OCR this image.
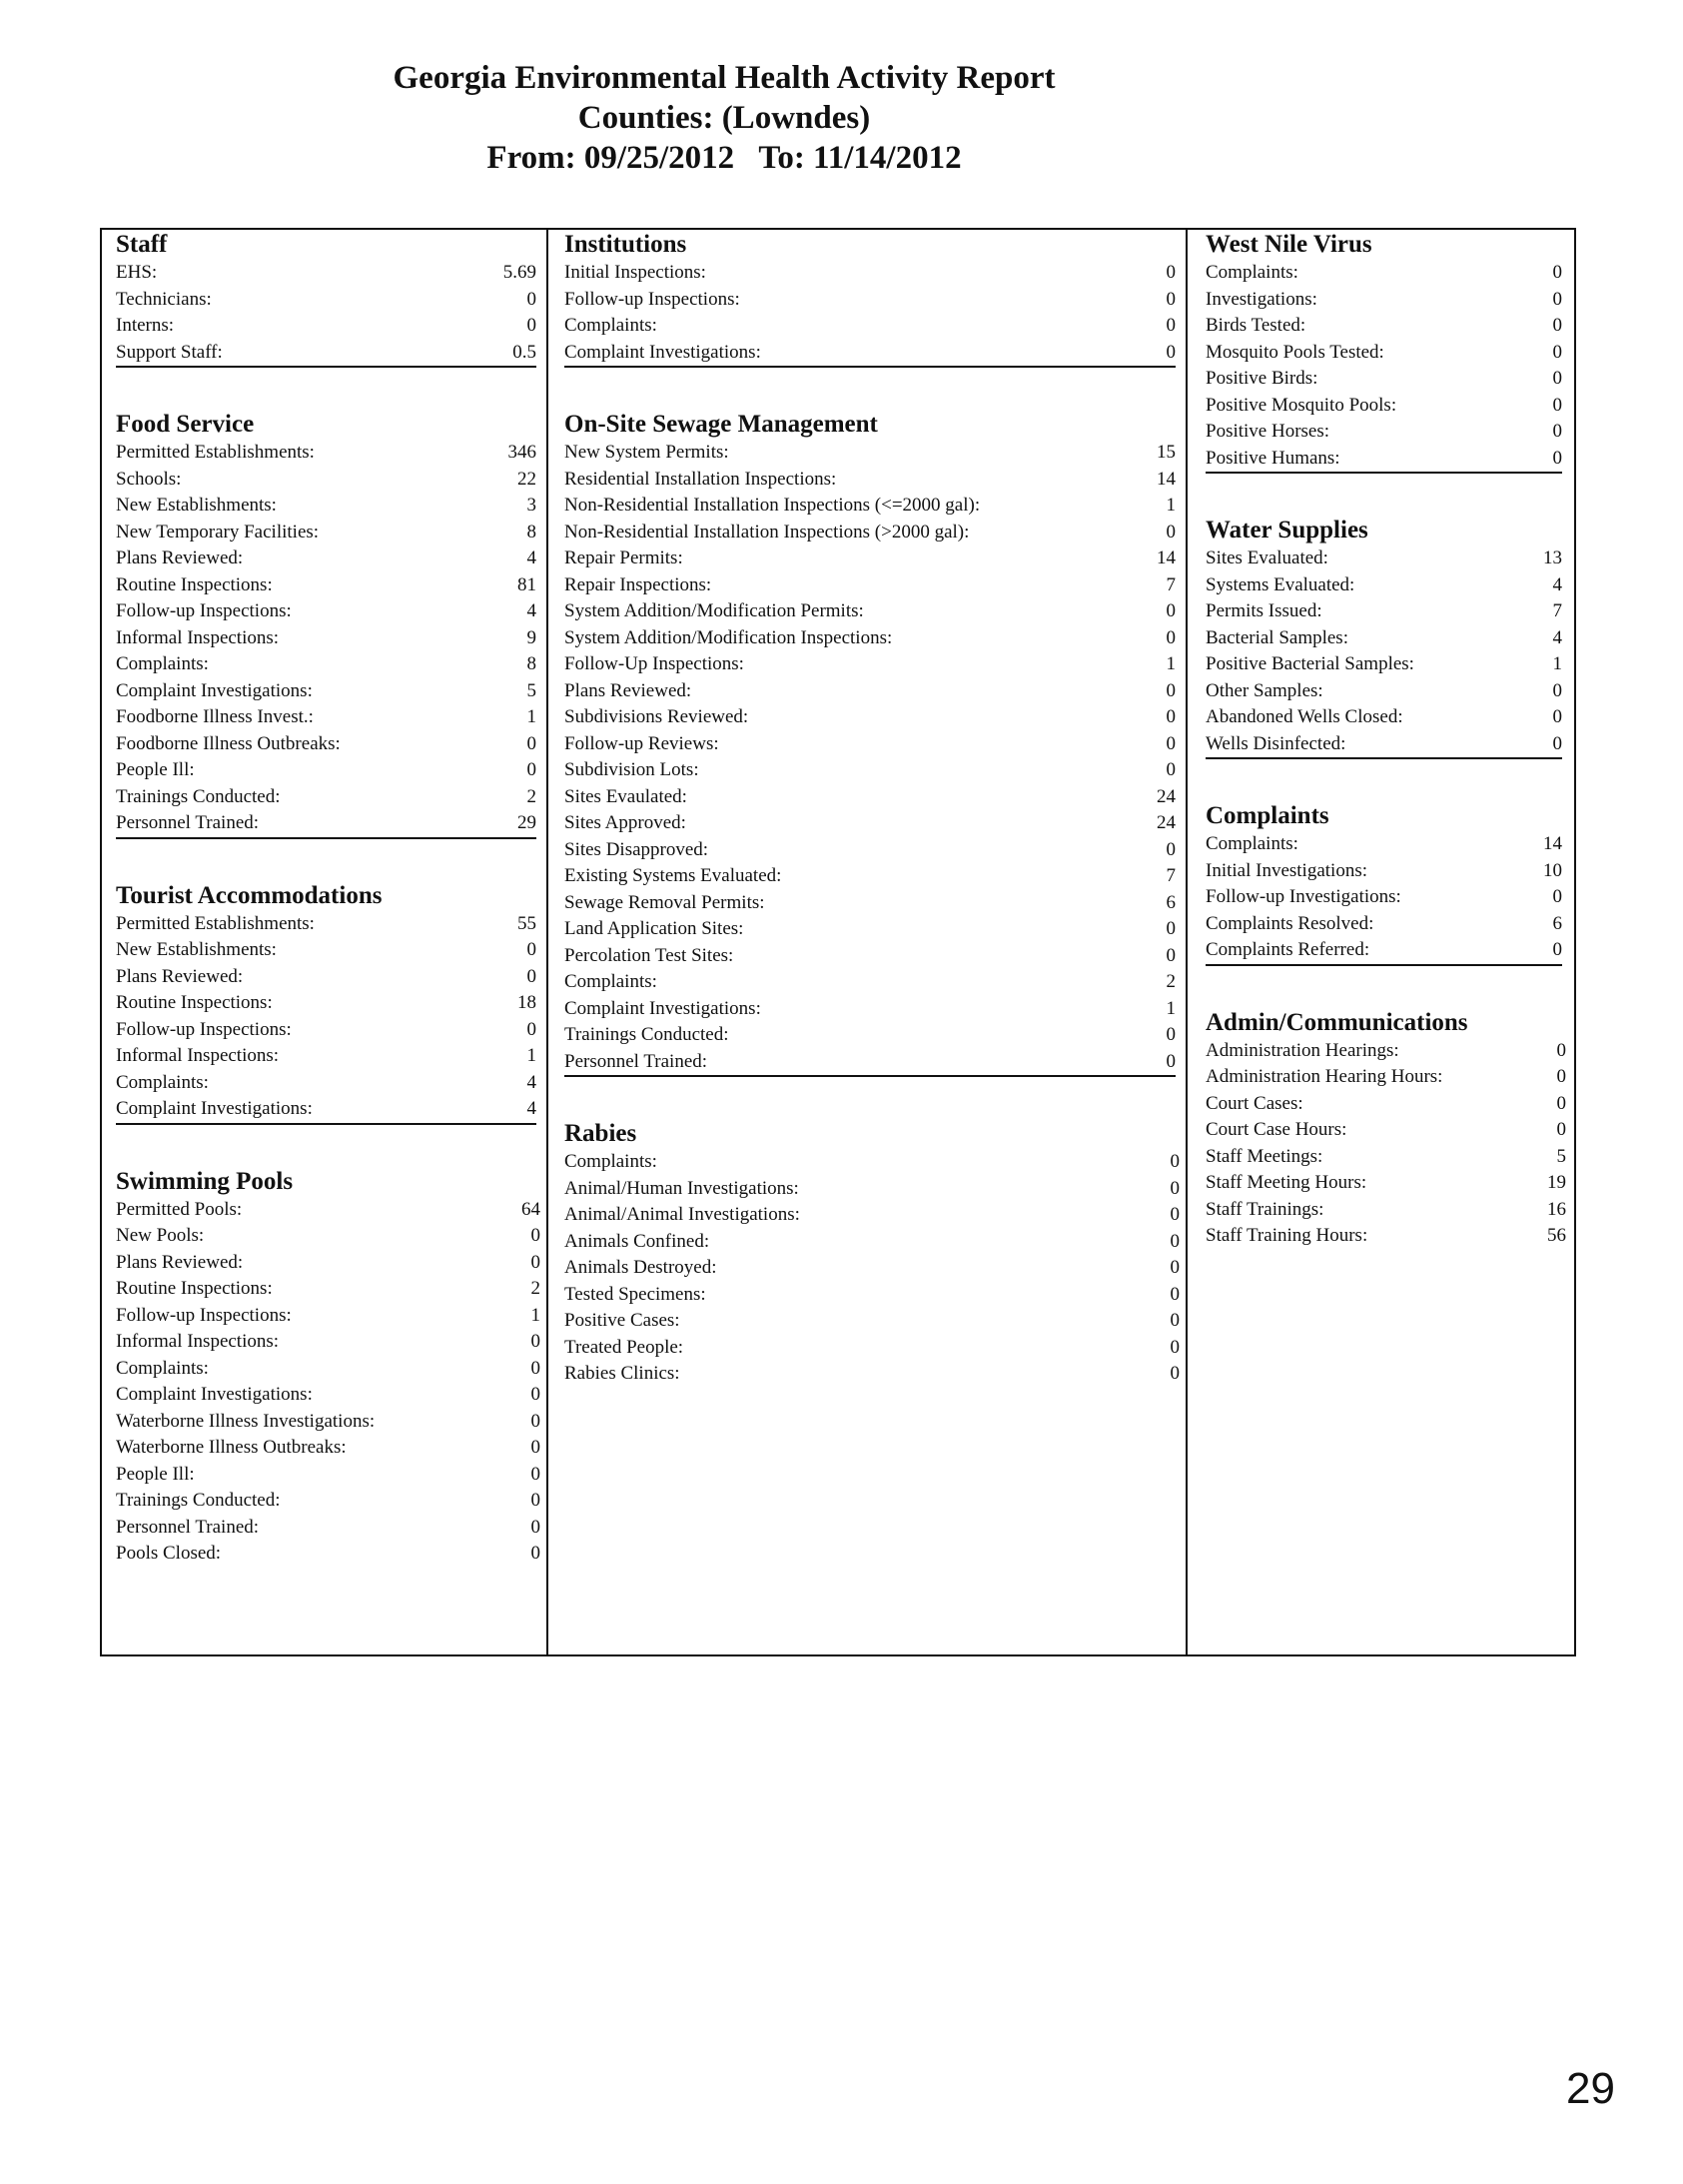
Georgia Environmental Health Activity Report
Counties: (Lowndes)
From: 09/25/2012   To: 11/14/2012
Staff
EHS:	5.69
Technicians:	0
Interns:	0
Support Staff:	0.5
Food Service
Permitted Establishments:	346
Schools:	22
New Establishments:	3
New Temporary Facilities:	8
Plans Reviewed:	4
Routine Inspections:	81
Follow-up Inspections:	4
Informal Inspections:	9
Complaints:	8
Complaint Investigations:	5
Foodborne Illness Invest.:	1
Foodborne Illness Outbreaks:	0
People Ill:	0
Trainings Conducted:	2
Personnel Trained:	29
Tourist Accommodations
Permitted Establishments:	55
New Establishments:	0
Plans Reviewed:	0
Routine Inspections:	18
Follow-up Inspections:	0
Informal Inspections:	1
Complaints:	4
Complaint Investigations:	4
Swimming Pools
Permitted Pools:	64
New Pools:	0
Plans Reviewed:	0
Routine Inspections:	2
Follow-up Inspections:	1
Informal Inspections:	0
Complaints:	0
Complaint Investigations:	0
Waterborne Illness Investigations:	0
Waterborne Illness Outbreaks:	0
People Ill:	0
Trainings Conducted:	0
Personnel Trained:	0
Pools Closed:	0
Institutions
Initial Inspections:	0
Follow-up Inspections:	0
Complaints:	0
Complaint Investigations:	0
On-Site Sewage Management
New System Permits:	15
Residential Installation Inspections:	14
Non-Residential Installation Inspections (<=2000 gal):	1
Non-Residential Installation Inspections (>2000 gal):	0
Repair Permits:	14
Repair Inspections:	7
System Addition/Modification Permits:	0
System Addition/Modification Inspections:	0
Follow-Up Inspections:	1
Plans Reviewed:	0
Subdivisions Reviewed:	0
Follow-up Reviews:	0
Subdivision Lots:	0
Sites Evaulated:	24
Sites Approved:	24
Sites Disapproved:	0
Existing Systems Evaluated:	7
Sewage Removal Permits:	6
Land Application Sites:	0
Percolation Test Sites:	0
Complaints:	2
Complaint Investigations:	1
Trainings Conducted:	0
Personnel Trained:	0
Rabies
Complaints:	0
Animal/Human Investigations:	0
Animal/Animal Investigations:	0
Animals Confined:	0
Animals Destroyed:	0
Tested Specimens:	0
Positive Cases:	0
Treated People:	0
Rabies Clinics:	0
West Nile Virus
Complaints:	0
Investigations:	0
Birds Tested:	0
Mosquito Pools Tested:	0
Positive Birds:	0
Positive Mosquito Pools:	0
Positive Horses:	0
Positive Humans:	0
Water Supplies
Sites Evaluated:	13
Systems Evaluated:	4
Permits Issued:	7
Bacterial Samples:	4
Positive Bacterial Samples:	1
Other Samples:	0
Abandoned Wells Closed:	0
Wells Disinfected:	0
Complaints
Complaints:	14
Initial Investigations:	10
Follow-up Investigations:	0
Complaints Resolved:	6
Complaints Referred:	0
Admin/Communications
Administration Hearings:	0
Administration Hearing Hours:	0
Court Cases:	0
Court Case Hours:	0
Staff Meetings:	5
Staff Meeting Hours:	19
Staff Trainings:	16
Staff Training Hours:	56
29
